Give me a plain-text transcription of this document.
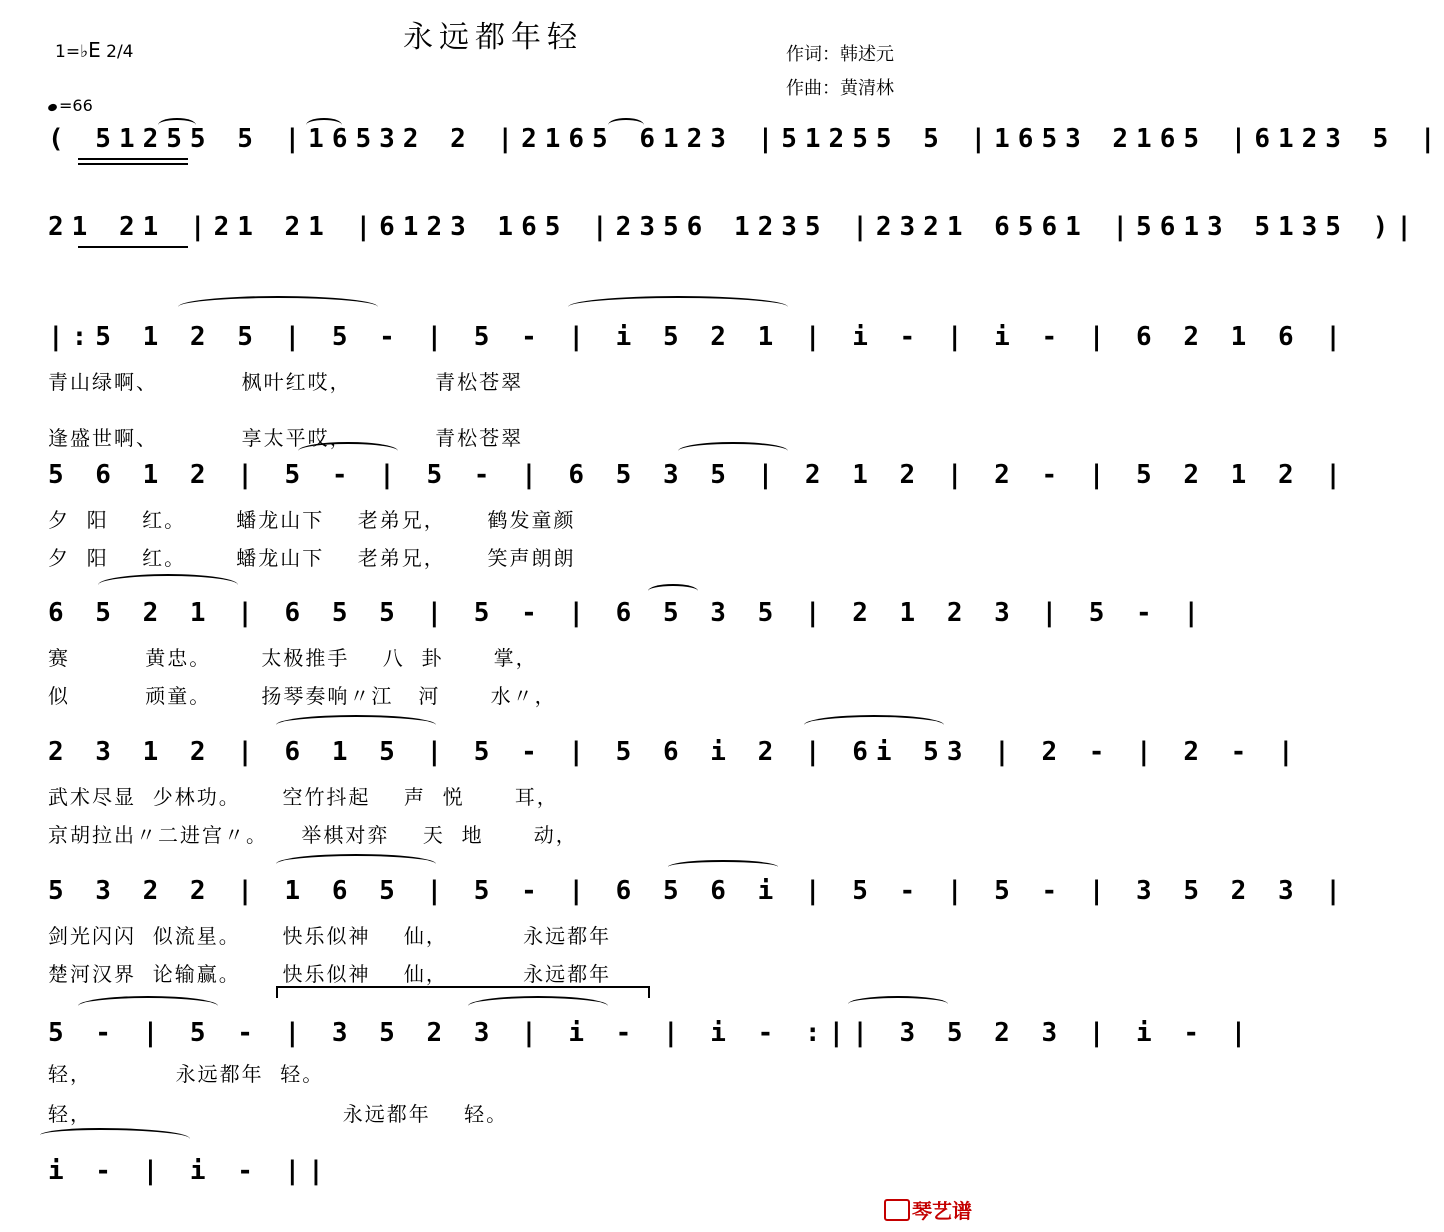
永远都年轻	作词：韩述元
作曲：黄清林
1=♭E 2/4
=66
( 51255 5 |16532 2 |2165 6123 |51255 5 |1653 2165 |6123 5 |
21 21 |21 21 |6123 165 |2356 1235 |2321 6561 |5613 5135 )|
|:5 1 2 5 | 5 - | 5 - | i 5 2 1 | i - | i - | 6 2 1 6 |
青山绿啊、          枫叶红哎，          青松苍翠
逢盛世啊、          享太平哎，          青松苍翠
5 6 1 2 | 5 - | 5 - | 6 5 3 5 | 2 1 2 | 2 - | 5 2 1 2 |
夕  阳    红。      蟠龙山下    老弟兄，     鹤发童颜
夕  阳    红。      蟠龙山下    老弟兄，     笑声朗朗
6 5 2 1 | 6 5 5 | 5 - | 6 5 3 5 | 2 1 2 3 | 5 - |
赛         黄忠。      太极推手    八  卦      掌，
似         顽童。      扬琴奏响〃江   河      水〃，
2 3 1 2 | 6 1 5 | 5 - | 5 6 i 2 | 6i 53 | 2 - | 2 - |
武术尽显  少林功。     空竹抖起    声  悦      耳，
京胡拉出〃二进宫〃。    举棋对弈    天  地      动，
5 3 2 2 | 1 6 5 | 5 - | 6 5 6 i | 5 - | 5 - | 3 5 2 3 |
剑光闪闪  似流星。     快乐似神    仙，         永远都年
楚河汉界  论输赢。     快乐似神    仙，         永远都年
5 - | 5 - | 3 5 2 3 | i - | i - :|| 3 5 2 3 | i - |
轻，          永远都年  轻。
轻，                              永远都年    轻。
i - | i - ||
琴艺谱
